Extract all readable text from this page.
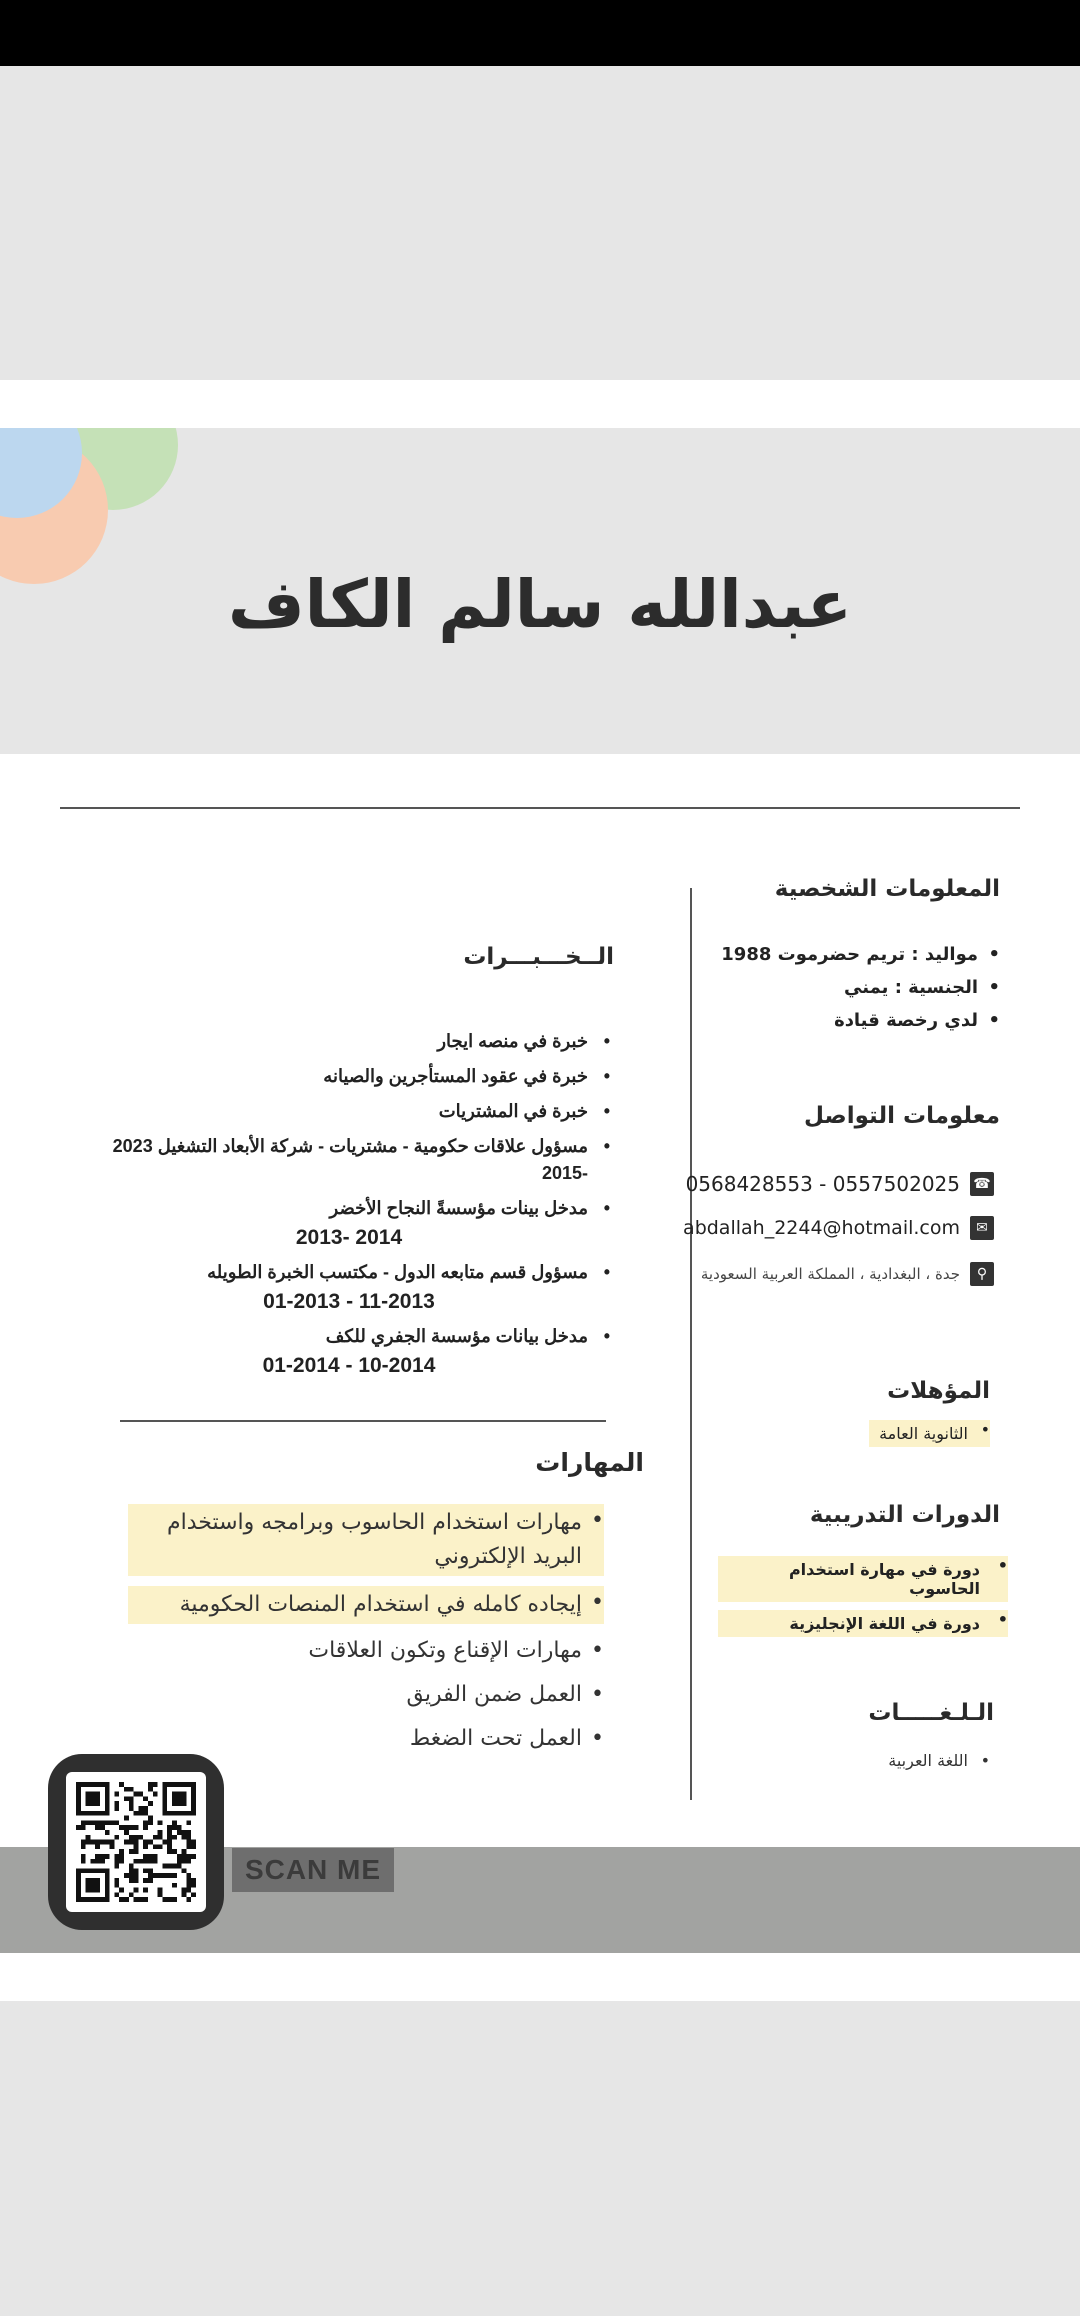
عبدالله سالم الكاف
المعلومات الشخصية
• مواليد : تريم حضرموت 1988
• الجنسية : يمني
• لدي رخصة قيادة
معلومات التواصل
0568428553 - 0557502025 ☎
abdallah_2244@hotmail.com	✉
جدة ، البغدادية ، المملكة العربية السعودية	⚲
المؤهلات
• الثانوية العامة
الدورات التدريبية
• دورة في مهارة استخدام الحاسوب
• دورة في اللغة الإنجليزية
الـلـغـــــات
• اللغة العربية
الــخـــبـــرات
• خبرة في منصه ايجار
• خبرة في عقود المستأجرين والصيانه
• خبرة في المشتريات
• مسؤول علاقات حكومية - مشتريات - شركة الأبعاد التشغيل 2023 -2015
• مدخل بينات مؤسسةً النجاح الأخضر
2014 -2013
• مسؤول قسم متابعه الدول - مكتسب الخبرة الطويله
11-2013 - 01-2013
• مدخل بيانات مؤسسة الجفري للكف
10-2014 - 01-2014
المهارات
• مهارات استخدام الحاسوب وبرامجه واستخدام البريد الإلكتروني
• إيجاده كامله في استخدام المنصات الحكومية
• مهارات الإقناع وتكون العلاقات
• العمل ضمن الفريق
• العمل تحت الضغط
SCAN ME
